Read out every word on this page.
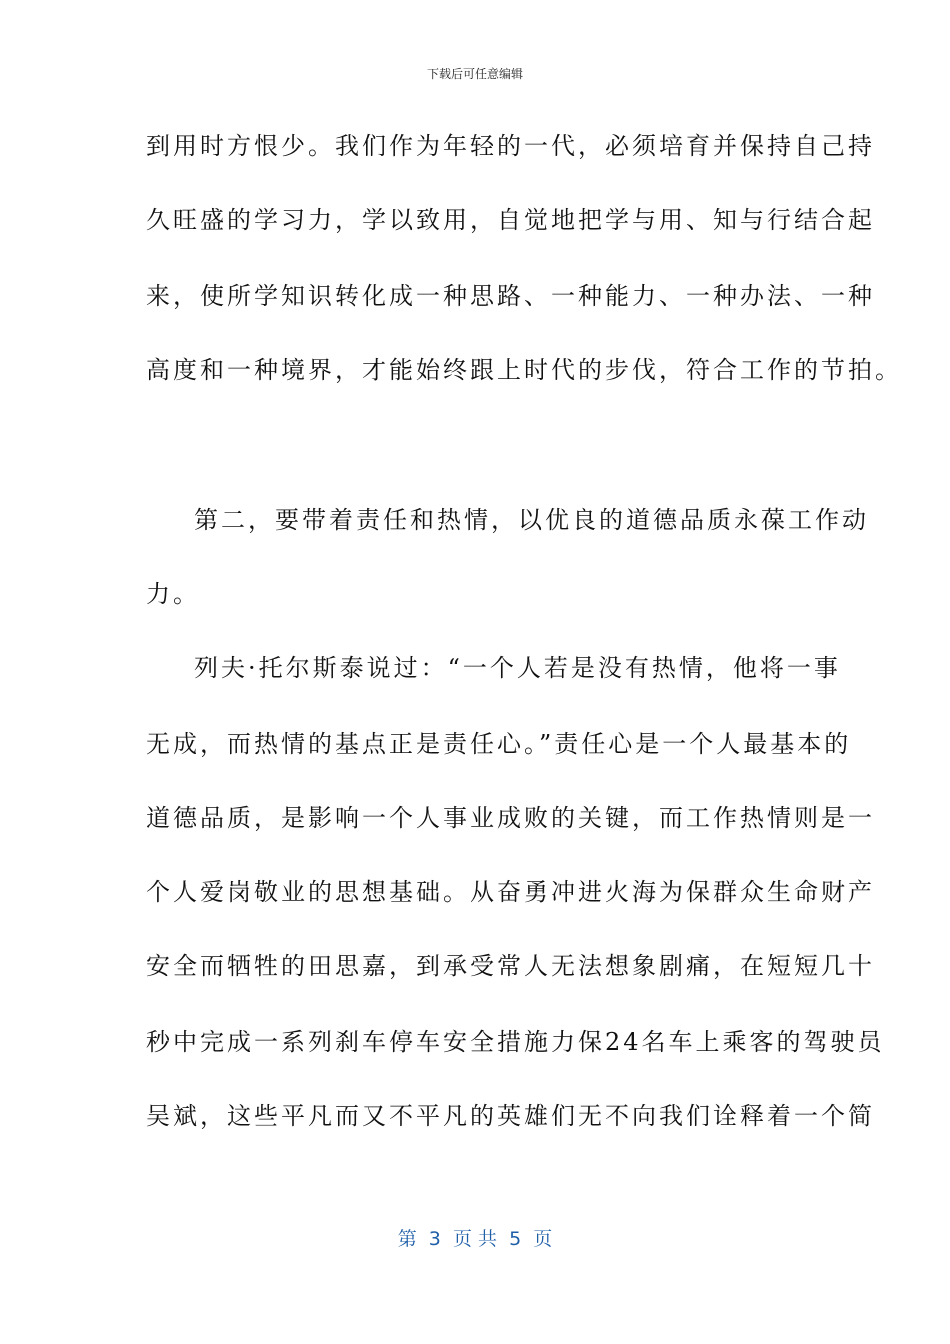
下载后可任意编辑
到用时方恨少。我们作为年轻的一代，必须培育并保持自己持
久旺盛的学习力，学以致用，自觉地把学与用、知与行结合起
来，使所学知识转化成一种思路、一种能力、一种办法、一种
高度和一种境界，才能始终跟上时代的步伐，符合工作的节拍。
第二，要带着责任和热情，以优良的道德品质永葆工作动
力。
列夫·托尔斯泰说过：“一个人若是没有热情，他将一事
无成，而热情的基点正是责任心。”责任心是一个人最基本的
道德品质，是影响一个人事业成败的关键，而工作热情则是一
个人爱岗敬业的思想基础。从奋勇冲进火海为保群众生命财产
安全而牺牲的田思嘉，到承受常人无法想象剧痛，在短短几十
秒中完成一系列刹车停车安全措施力保24名车上乘客的驾驶员
吴斌，这些平凡而又不平凡的英雄们无不向我们诠释着一个简
第  3  页 共  5  页
